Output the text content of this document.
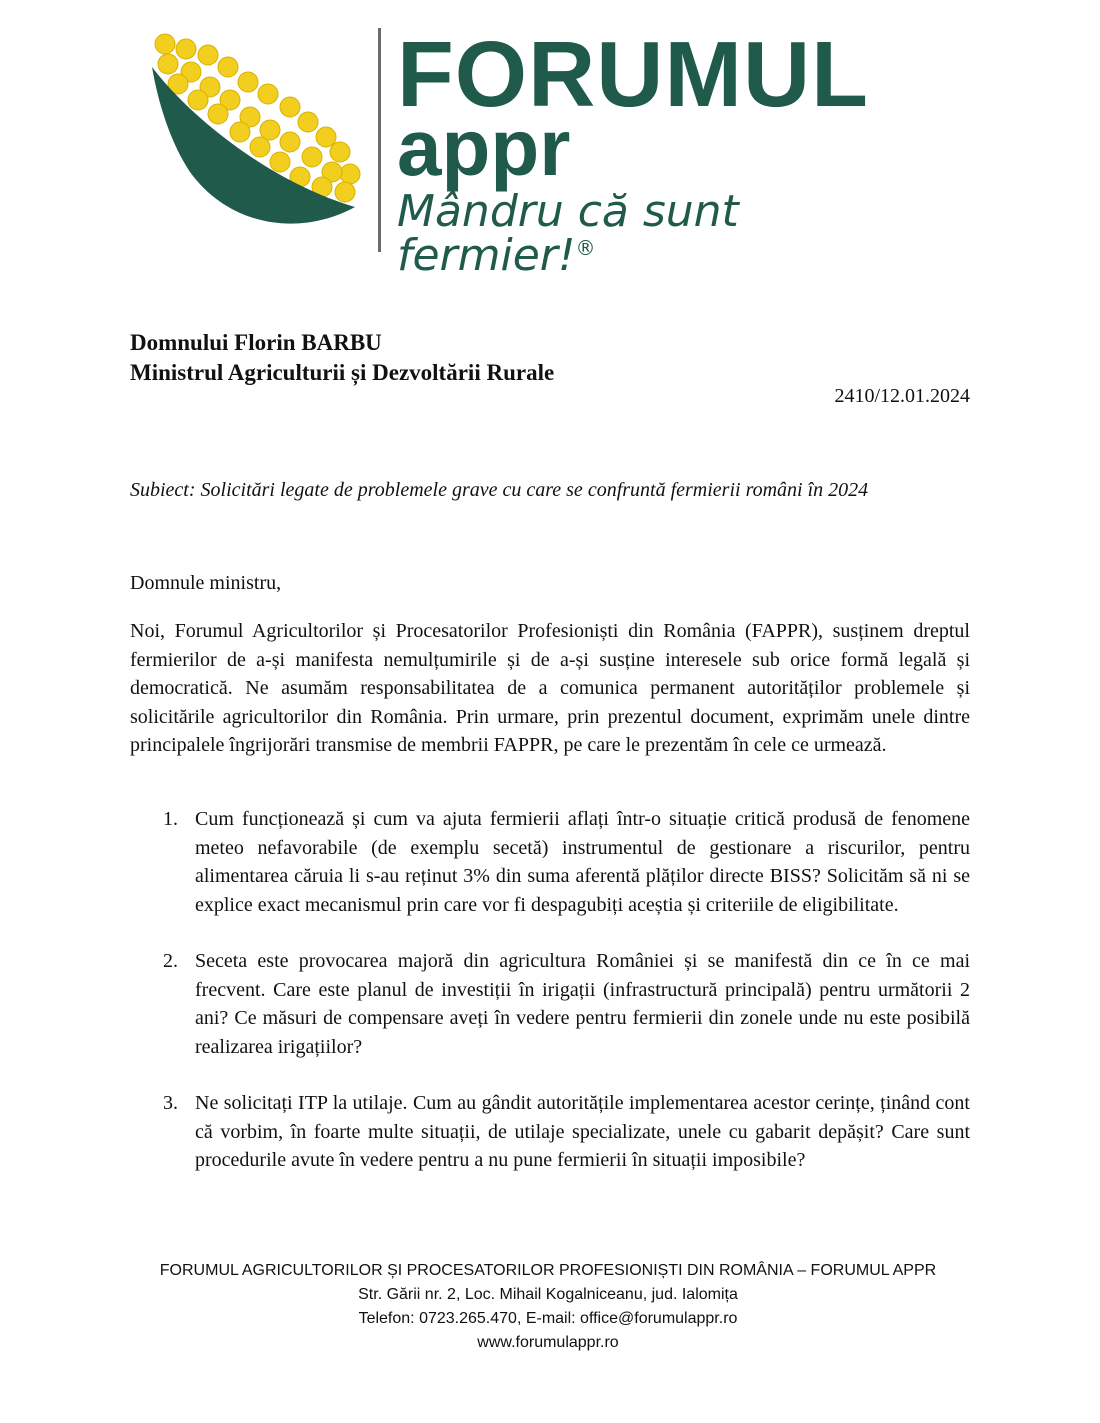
FORUMUL
appr
Mândru că sunt fermier!®
Domnului Florin BARBU
Ministrul Agriculturii și Dezvoltării Rurale
2410/12.01.2024
Subiect: Solicitări legate de problemele grave cu care se confruntă fermierii români în 2024
Domnule ministru,

Noi, Forumul Agricultorilor și Procesatorilor Profesioniști din România (FAPPR), susținem dreptul fermierilor de a-și manifesta nemulțumirile și de a-și susține interesele sub orice formă legală și democratică. Ne asumăm responsabilitatea de a comunica permanent autorităților problemele și solicitările agricultorilor din România. Prin urmare, prin prezentul document, exprimăm unele dintre principalele îngrijorări transmise de membrii FAPPR, pe care le prezentăm în cele ce urmează.

1. Cum funcționează și cum va ajuta fermierii aflați într-o situație critică produsă de fenomene meteo nefavorabile (de exemplu secetă) instrumentul de gestionare a riscurilor, pentru alimentarea căruia li s-au reținut 3% din suma aferentă plăților directe BISS? Solicităm să ni se explice exact mecanismul prin care vor fi despagubiți aceștia și criteriile de eligibilitate.
2. Seceta este provocarea majoră din agricultura României și se manifestă din ce în ce mai frecvent. Care este planul de investiții în irigații (infrastructură principală) pentru următorii 2 ani? Ce măsuri de compensare aveți în vedere pentru fermierii din zonele unde nu este posibilă realizarea irigațiilor?
3. Ne solicitați ITP la utilaje. Cum au gândit autoritățile implementarea acestor cerințe, ținând cont că vorbim, în foarte multe situații, de utilaje specializate, unele cu gabarit depășit? Care sunt procedurile avute în vedere pentru a nu pune fermierii în situații imposibile?
FORUMUL AGRICULTORILOR ȘI PROCESATORILOR PROFESIONIȘTI DIN ROMÂNIA – FORUMUL APPR
Str. Gării nr. 2, Loc. Mihail Kogalniceanu, jud. Ialomița
Telefon: 0723.265.470, E-mail: office@forumulappr.ro
www.forumulappr.ro
